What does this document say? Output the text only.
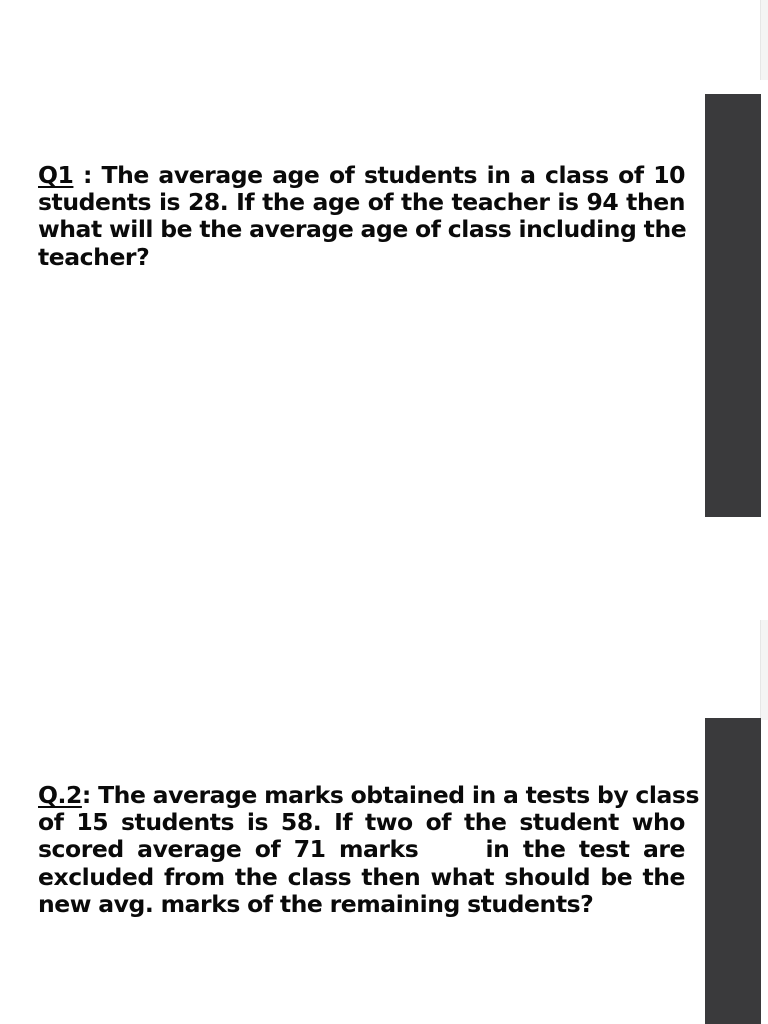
Q1 : The average age of students in a class of 10
students is 28. If the age of the teacher is 94 then
what will be the average age of class including the
teacher?
Q.2: The average marks obtained in a tests by class
of 15 students is 58. If two of the student who
scored average of 71 marks     in the test are
excluded from the class then what should be the
new avg. marks of the remaining students?
